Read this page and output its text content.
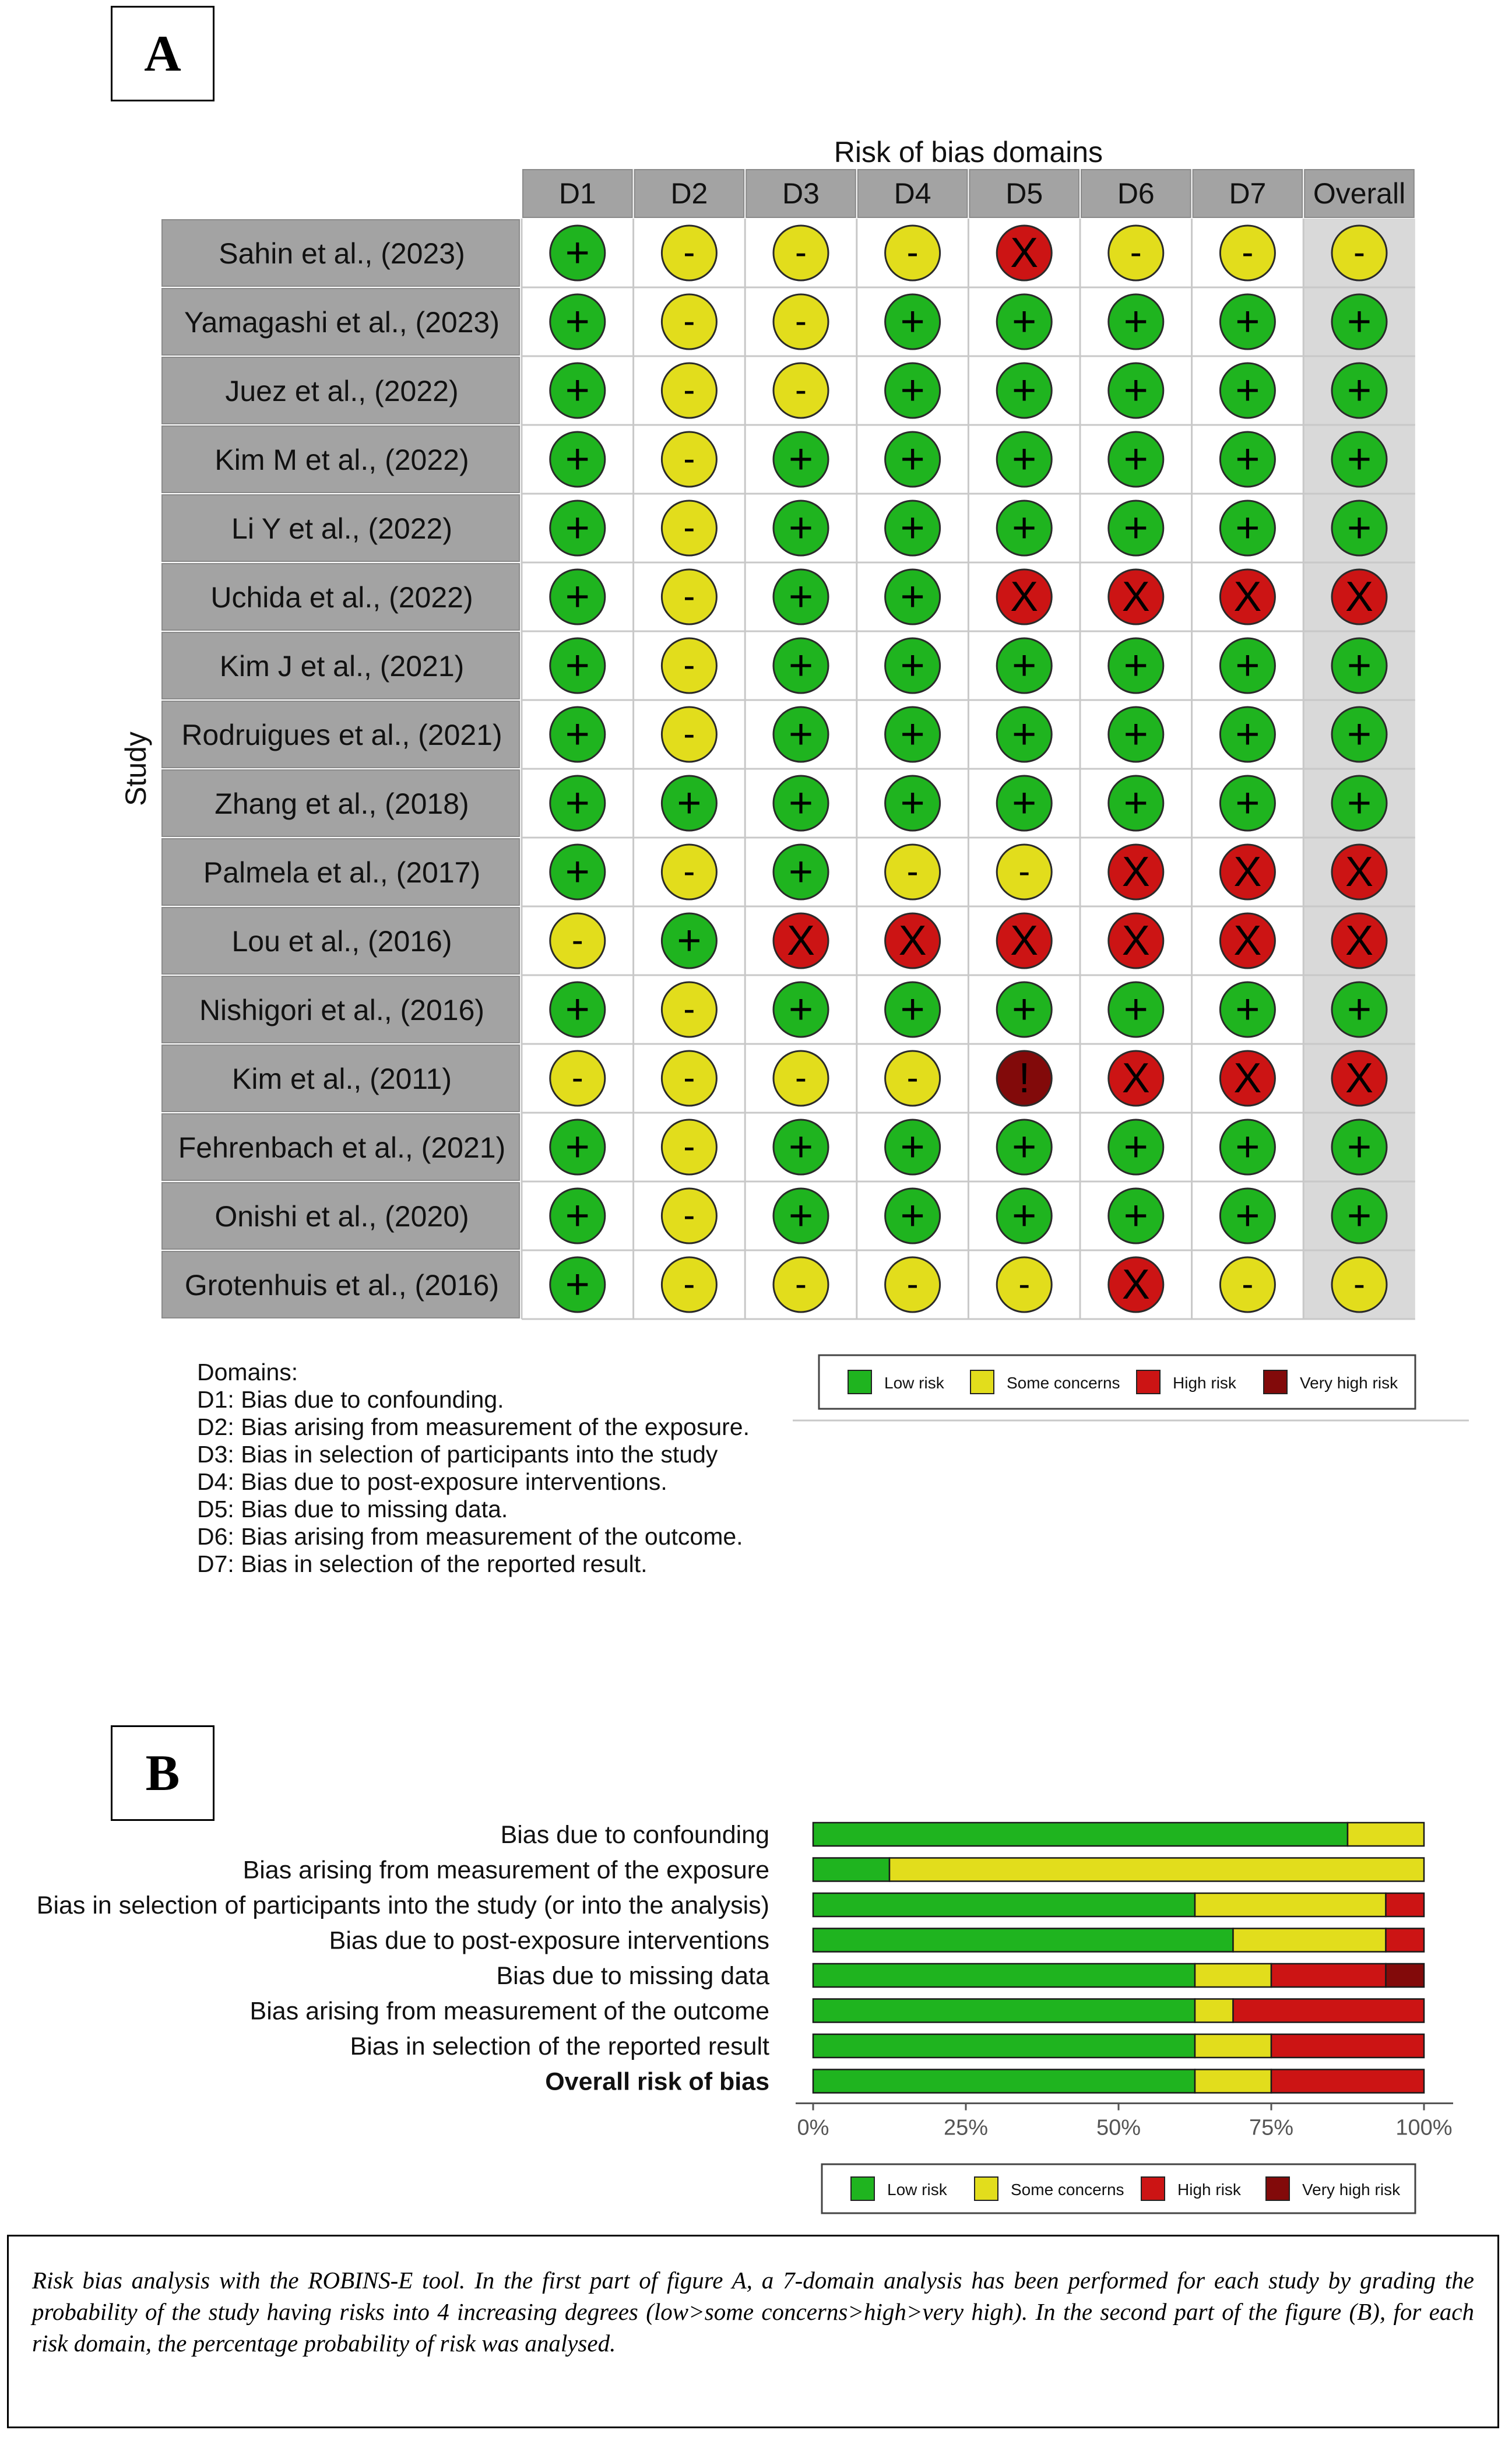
A
Risk of bias domains
D1	D2	D3	D4	D5	D6	D7 Overall
Study
Sahin et al., (2023) +	-	-	- X	-	-	-
Yamagashi et al., (2023) +	-	- + + + + +
Juez et al., (2022)	+	-	- + + + + +
Kim M et al., (2022) +	- + + + + + +
Li Y et al., (2022)	+	- + + + + + +
Uchida et al., (2022) +	- + + X X X X
Kim J et al., (2021) +	- + + + + + +
Rodruigues et al., (2021) +	- + + + + + +
Zhang et al., (2018) + + + + + + + +
Palmela et al., (2017) +	- +	-	- X X X
Lou et al., (2016)	- + X X X X X X
Nishigori et al., (2016) +	- + + + + + +
Kim et al., (2011)	-	-	-	- ! X X X
Fehrenbach et al., (2021) +	- + + + + + +
Onishi et al., (2020) +	- + + + + + +
Grotenhuis et al., (2016) +	-	-	-	- X	-	-
Domains:
D1: Bias due to confounding.
D2: Bias arising from measurement of the exposure.
D3: Bias in selection of participants into the study
D4: Bias due to post-exposure interventions.
D5: Bias due to missing data.
D6: Bias arising from measurement of the outcome.
D7: Bias in selection of the reported result.
Low risk	Some concerns	High risk	Very high risk
B
Bias due to confounding
Bias arising from measurement of the exposure
Bias in selection of participants into the study (or into the analysis)
Bias due to post-exposure interventions
Bias due to missing data
Bias arising from measurement of the outcome
Bias in selection of the reported result
Overall risk of bias
0%	25%	50%	75%	100%
Low risk	Some concerns	High risk	Very high risk
Risk bias analysis with the ROBINS-E tool. In the first part of figure A, a 7-domain analysis has been performed for each study by grading the probability of the study having risks into 4 increasing degrees (low>some concerns>high>very high). In the second part of the figure (B), for each risk domain, the percentage probability of risk was analysed.
